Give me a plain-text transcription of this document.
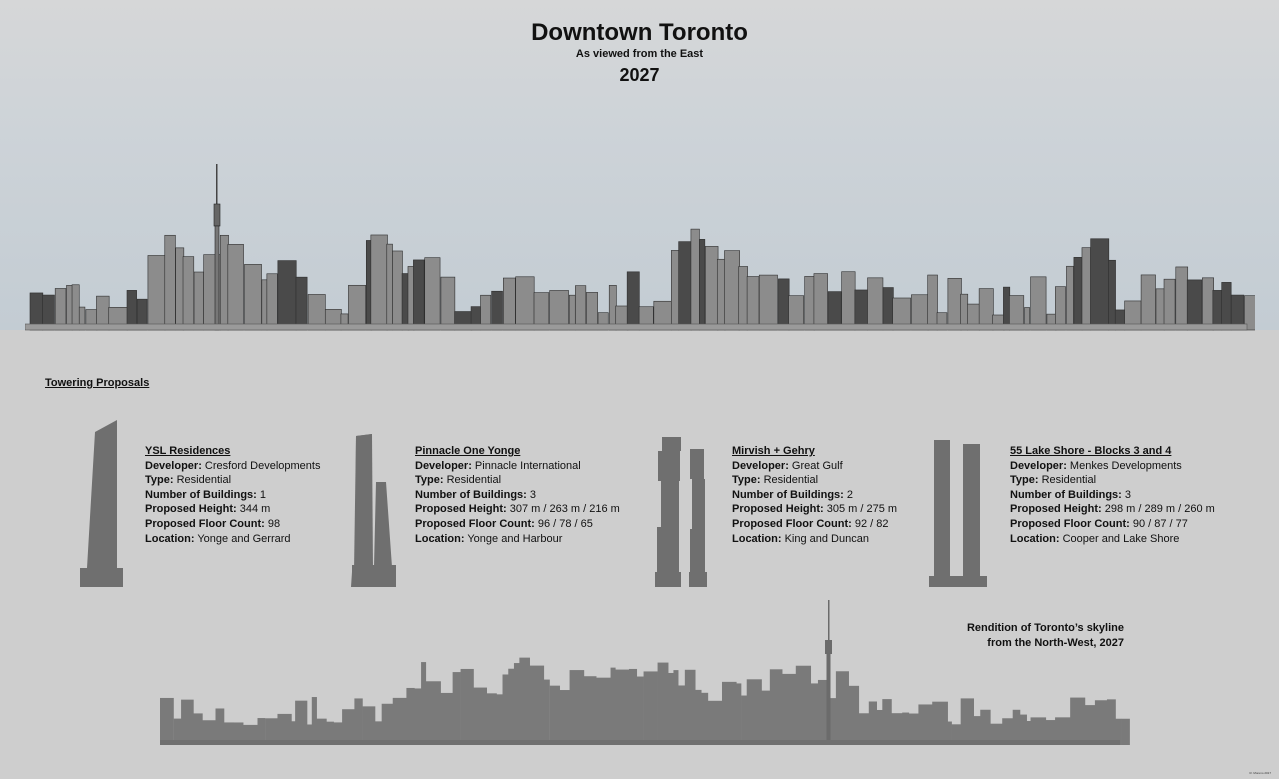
Downtown Toronto
As viewed from the East
2027
Towering Proposals
YSL Residences
Developer: Cresford Developments
Type: Residential
Number of Buildings: 1
Proposed Height: 344 m
Proposed Floor Count: 98
Location: Yonge and Gerrard
Pinnacle One Yonge
Developer: Pinnacle International
Type: Residential
Number of Buildings: 3
Proposed Height: 307 m / 263 m / 216 m
Proposed Floor Count: 96 / 78 / 65
Location: Yonge and Harbour
Mirvish + Gehry
Developer: Great Gulf
Type: Residential
Number of Buildings: 2
Proposed Height: 305 m / 275 m
Proposed Floor Count: 92 / 82
Location: King and Duncan
55 Lake Shore - Blocks 3 and 4
Developer: Menkes Developments
Type: Residential
Number of Buildings: 3
Proposed Height: 298 m / 289 m / 260 m
Proposed Floor Count: 90 / 87 / 77
Location: Cooper and Lake Shore
Rendition of Toronto’s skyline
from the North-West, 2027
R. Moreno 2017
